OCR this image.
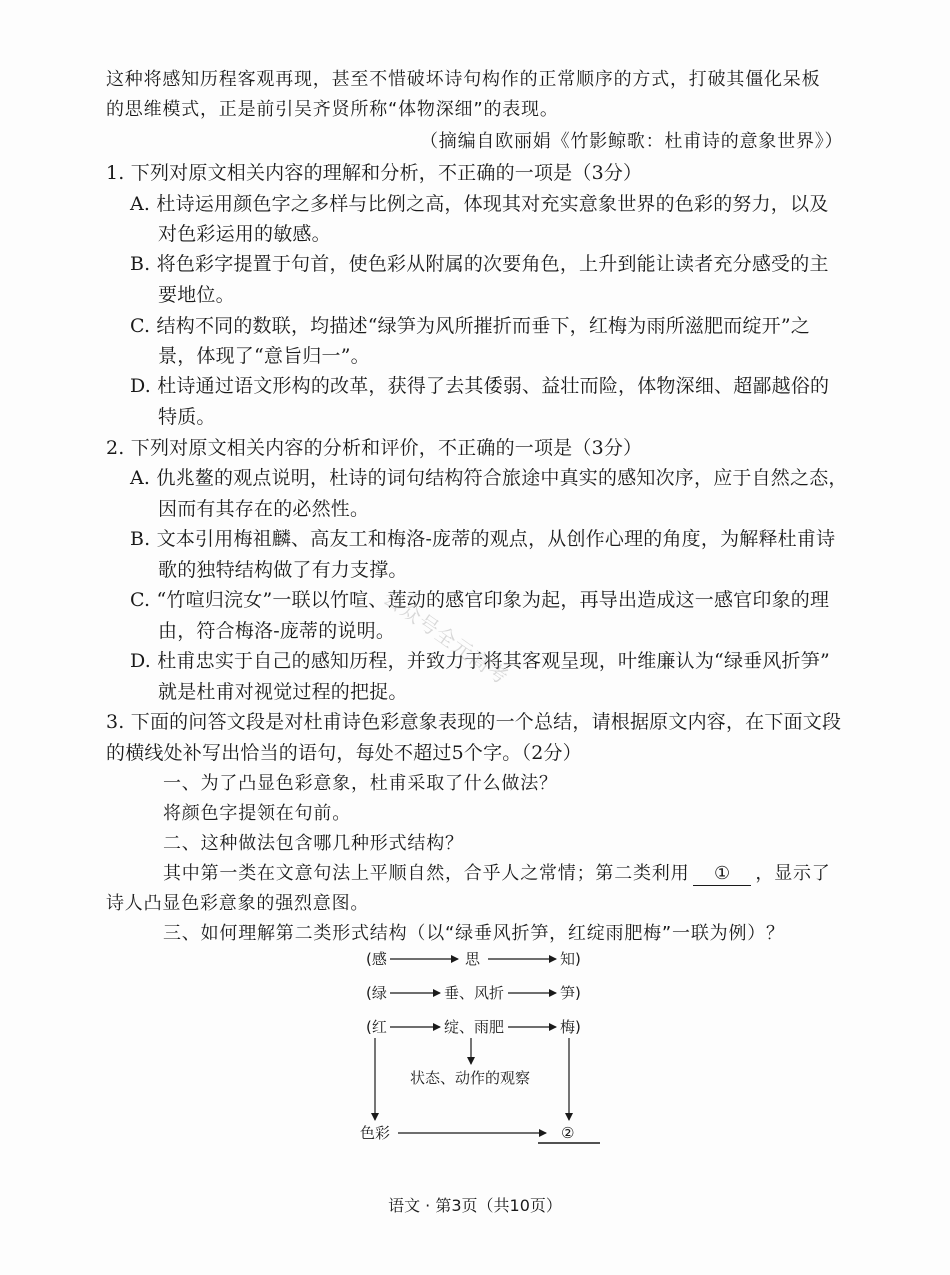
这种将感知历程客观再现，甚至不惜破坏诗句构作的正常顺序的方式，打破其僵化呆板
的思维模式，正是前引吴齐贤所称“体物深细”的表现。
（摘编自欧丽娟《竹影鲸歌：杜甫诗的意象世界》）
1. 下列对原文相关内容的理解和分析，不正确的一项是（3分）
A. 杜诗运用颜色字之多样与比例之高，体现其对充实意象世界的色彩的努力，以及
对色彩运用的敏感。
B. 将色彩字提置于句首，使色彩从附属的次要角色，上升到能让读者充分感受的主
要地位。
C. 结构不同的数联，均描述“绿笋为风所摧折而垂下，红梅为雨所滋肥而绽开”之
景，体现了“意旨归一”。
D. 杜诗通过语文形构的改革，获得了去其倭弱、益壮而险，体物深细、超鄙越俗的
特质。
2. 下列对原文相关内容的分析和评价，不正确的一项是（3分）
A. 仇兆鳌的观点说明，杜诗的词句结构符合旅途中真实的感知次序，应于自然之态，
因而有其存在的必然性。
B. 文本引用梅祖麟、高友工和梅洛-庞蒂的观点，从创作心理的角度，为解释杜甫诗
歌的独特结构做了有力支撑。
C. “竹喧归浣女”一联以竹喧、莲动的感官印象为起，再导出造成这一感官印象的理
由，符合梅洛-庞蒂的说明。
D. 杜甫忠实于自己的感知历程，并致力于将其客观呈现，叶维廉认为“绿垂风折笋”
就是杜甫对视觉过程的把捉。
3. 下面的问答文段是对杜甫诗色彩意象表现的一个总结，请根据原文内容，在下面文段
的横线处补写出恰当的语句，每处不超过5个字。（2分）
一、为了凸显色彩意象，杜甫采取了什么做法？
将颜色字提领在句前。
二、这种做法包含哪几种形式结构？
其中第一类在文意句法上平顺自然，合乎人之常情；第二类利用 ① ，显示了
诗人凸显色彩意象的强烈意图。
三、如何理解第二类形式结构（以“绿垂风折笋，红绽雨肥梅”一联为例）？
(感	思	知)
(绿	垂、风折	笋)
(红	绽、雨肥	梅)
状态、动作的观察
色彩	②
公众号全元高考
语文 · 第3页（共10页）
